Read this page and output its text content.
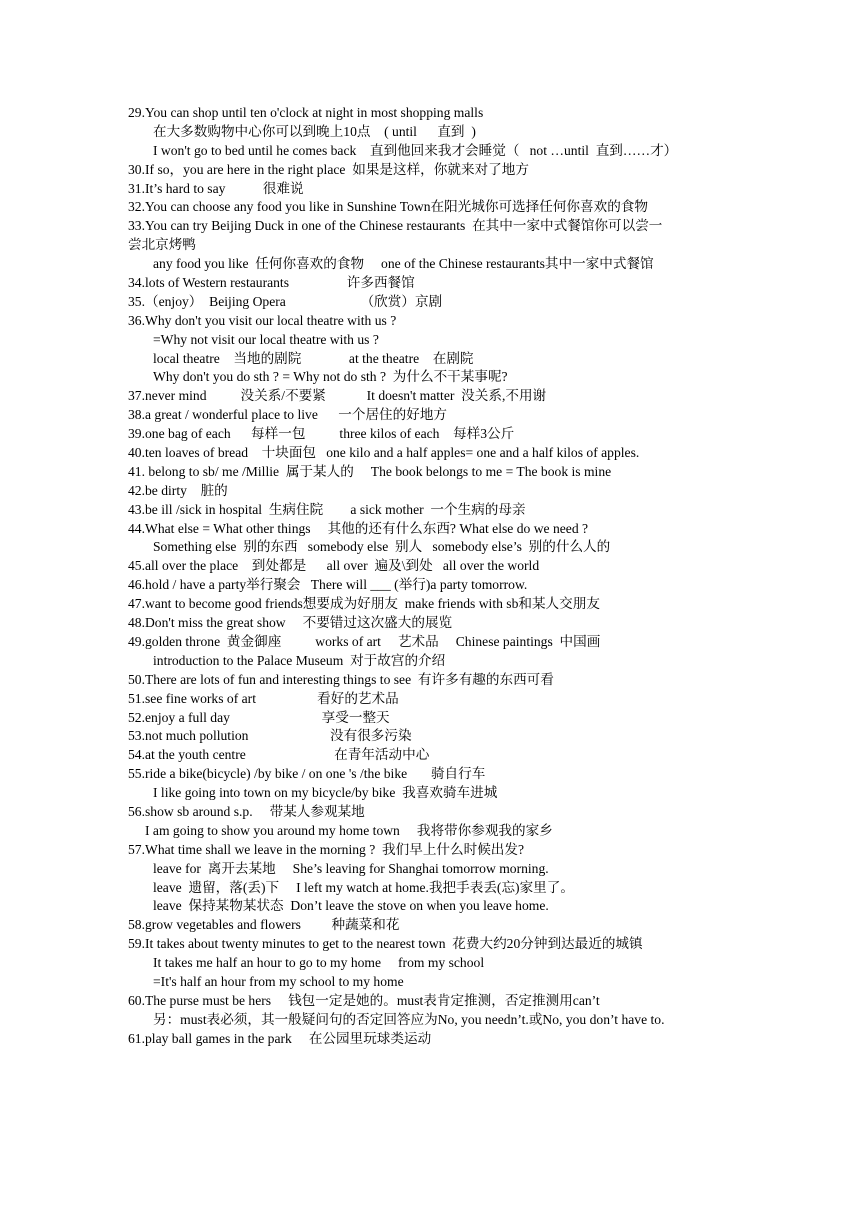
29.You can shop until ten o'clock at night in most shopping malls
在大多数购物中心你可以到晚上10点    ( until      直到  )
I won't go to bed until he comes back    直到他回来我才会睡觉（   not …until  直到……才）
30.If so，you are here in the right place  如果是这样，你就来对了地方
31.It’s hard to say           很难说
32.You can choose any food you like in Sunshine Town在阳光城你可选择任何你喜欢的食物
33.You can try Beijing Duck in one of the Chinese restaurants  在其中一家中式餐馆你可以尝一
尝北京烤鸭
any food you like  任何你喜欢的食物     one of the Chinese restaurants其中一家中式餐馆
34.lots of Western restaurants                 许多西餐馆
35.（enjoy）  Beijing Opera                      （欣赏）京剧
36.Why don't you visit our local theatre with us ?
=Why not visit our local theatre with us ?
local theatre    当地的剧院              at the theatre    在剧院
Why don't you do sth ? = Why not do sth ?  为什么不干某事呢?
37.never mind          没关系/不要紧            It doesn't matter  没关系,不用谢
38.a great / wonderful place to live      一个居住的好地方
39.one bag of each      每样一包          three kilos of each    每样3公斤
40.ten loaves of bread    十块面包   one kilo and a half apples= one and a half kilos of apples.
41. belong to sb/ me /Millie  属于某人的     The book belongs to me = The book is mine
42.be dirty    脏的
43.be ill /sick in hospital  生病住院        a sick mother  一个生病的母亲
44.What else = What other things     其他的还有什么东西? What else do we need ?
Something else  别的东西   somebody else  别人   somebody else’s  别的什么人的
45.all over the place    到处都是      all over  遍及\到处   all over the world
46.hold / have a party举行聚会   There will ___ (举行)a party tomorrow.
47.want to become good friends想要成为好朋友  make friends with sb和某人交朋友
48.Don't miss the great show     不要错过这次盛大的展览
49.golden throne  黄金御座          works of art     艺术品     Chinese paintings  中国画
introduction to the Palace Museum  对于故宫的介绍
50.There are lots of fun and interesting things to see  有许多有趣的东西可看
51.see fine works of art                  看好的艺术品
52.enjoy a full day                           享受一整天
53.not much pollution                        没有很多污染
54.at the youth centre                          在青年活动中心
55.ride a bike(bicycle) /by bike / on one 's /the bike       骑自行车
I like going into town on my bicycle/by bike  我喜欢骑车进城
56.show sb around s.p.     带某人参观某地
I am going to show you around my home town     我将带你参观我的家乡
57.What time shall we leave in the morning ?  我们早上什么时候出发?
leave for  离开去某地     She’s leaving for Shanghai tomorrow morning.
leave  遗留，落(丢)下     I left my watch at home.我把手表丢(忘)家里了。
leave  保持某物某状态  Don’t leave the stove on when you leave home.
58.grow vegetables and flowers         种蔬菜和花
59.It takes about twenty minutes to get to the nearest town  花费大约20分钟到达最近的城镇
It takes me half an hour to go to my home     from my school
=It's half an hour from my school to my home
60.The purse must be hers     钱包一定是她的。must表肯定推测，否定推测用can’t
另：must表必须，其一般疑问句的否定回答应为No, you needn’t.或No, you don’t have to.
61.play ball games in the park     在公园里玩球类运动
